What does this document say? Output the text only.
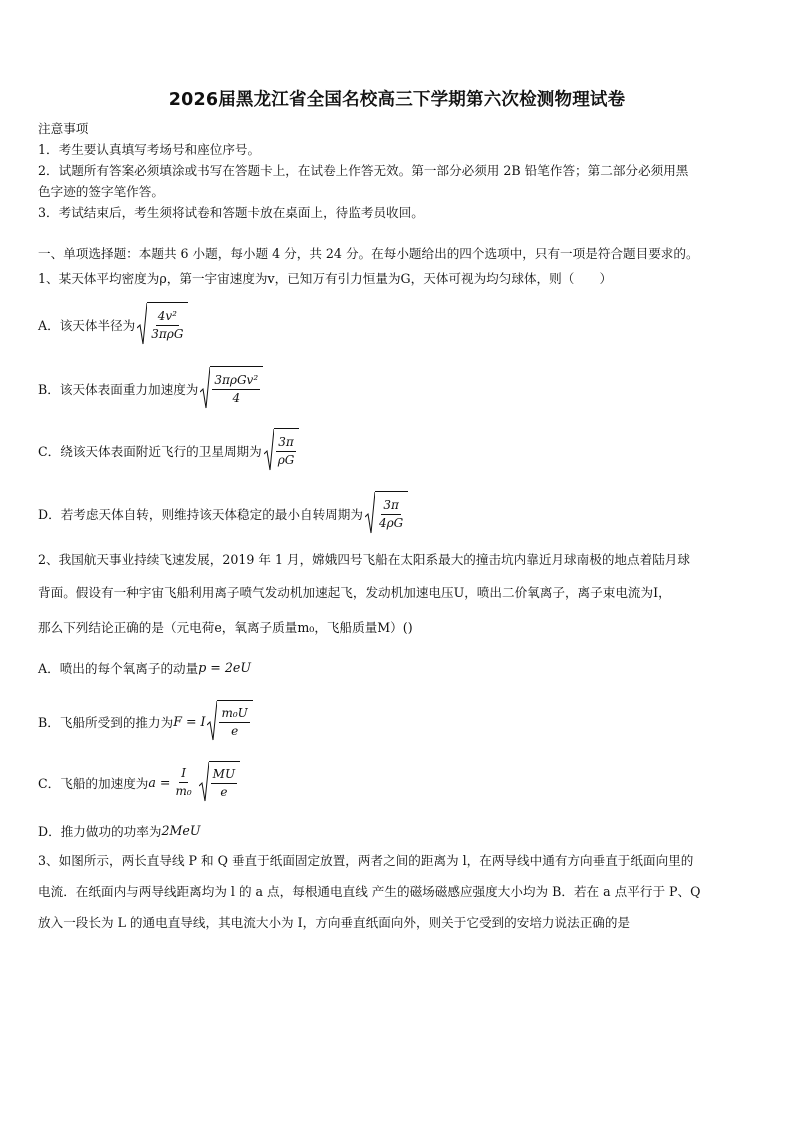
2026届黑龙江省全国名校高三下学期第六次检测物理试卷
注意事项
1．考生要认真填写考场号和座位序号。
2．试题所有答案必须填涂或书写在答题卡上，在试卷上作答无效。第一部分必须用 2B 铅笔作答；第二部分必须用黑
色字迹的签字笔作答。
3．考试结束后，考生须将试卷和答题卡放在桌面上，待监考员收回。
一、单项选择题：本题共 6 小题，每小题 4 分，共 24 分。在每小题给出的四个选项中，只有一项是符合题目要求的。
1、某天体平均密度为ρ，第一宇宙速度为v，已知万有引力恒量为G，天体可视为均匀球体，则（　　）
A．该天体半径为 $\frac{\text{4v²}}{\text{3πρG}}$
B．该天体表面重力加速度为 $\frac{\text{3πρGv²}}{4}$
C．绕该天体表面附近飞行的卫星周期为 $\frac{3\pi}{\rho G}$
D．若考虑天体自转，则维持该天体稳定的最小自转周期为 $\frac{3\pi}{4\rho G}$
2、我国航天事业持续飞速发展，2019 年 1 月，嫦娥四号飞船在太阳系最大的撞击坑内靠近月球南极的地点着陆月球
背面。假设有一种宇宙飞船利用离子喷气发动机加速起飞，发动机加速电压U，喷出二价氧离子，离子束电流为I，
那么下列结论正确的是（元电荷e，氧离子质量m₀，飞船质量M）()
A．喷出的每个氧离子的动量 p = 2eU
B．飞船所受到的推力为 F = I $\frac{\text{m₀U}}{e}$
C．飞船的加速度为 $a = \frac{I}{\text{m₀}} \frac{MU}{e}$
D．推力做功的功率为 2MeU
3、如图所示，两长直导线 P 和 Q 垂直于纸面固定放置，两者之间的距离为 l，在两导线中通有方向垂直于纸面向里的
电流．在纸面内与两导线距离均为 l 的 a 点，每根通电直线 产生的磁场磁感应强度大小均为 B．若在 a 点平行于 P、Q
放入一段长为 L 的通电直导线，其电流大小为 I，方向垂直纸面向外，则关于它受到的安培力说法正确的是
